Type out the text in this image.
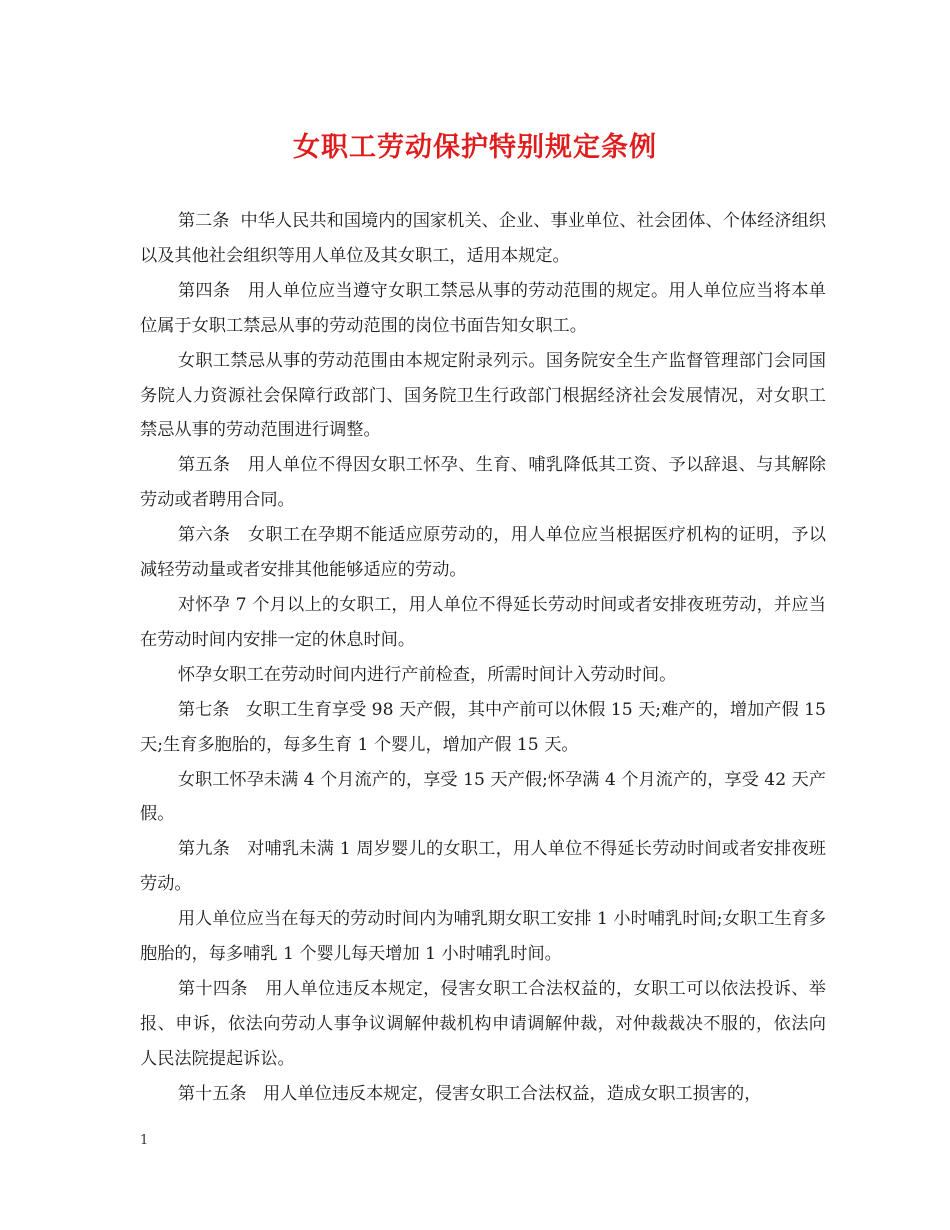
女职工劳动保护特别规定条例

第二条  中华人民共和国境内的国家机关、企业、事业单位、社会团体、个体经济组织以及其他社会组织等用人单位及其女职工，适用本规定。

第四条   用人单位应当遵守女职工禁忌从事的劳动范围的规定。用人单位应当将本单位属于女职工禁忌从事的劳动范围的岗位书面告知女职工。

女职工禁忌从事的劳动范围由本规定附录列示。国务院安全生产监督管理部门会同国务院人力资源社会保障行政部门、国务院卫生行政部门根据经济社会发展情况，对女职工禁忌从事的劳动范围进行调整。

第五条   用人单位不得因女职工怀孕、生育、哺乳降低其工资、予以辞退、与其解除劳动或者聘用合同。

第六条   女职工在孕期不能适应原劳动的，用人单位应当根据医疗机构的证明，予以减轻劳动量或者安排其他能够适应的劳动。

对怀孕 7 个月以上的女职工，用人单位不得延长劳动时间或者安排夜班劳动，并应当在劳动时间内安排一定的休息时间。

怀孕女职工在劳动时间内进行产前检查，所需时间计入劳动时间。

第七条   女职工生育享受 98 天产假，其中产前可以休假 15 天;难产的，增加产假 15 天;生育多胞胎的，每多生育 1 个婴儿，增加产假 15 天。

女职工怀孕未满 4 个月流产的，享受 15 天产假;怀孕满 4 个月流产的，享受 42 天产假。

第九条   对哺乳未满 1 周岁婴儿的女职工，用人单位不得延长劳动时间或者安排夜班劳动。

用人单位应当在每天的劳动时间内为哺乳期女职工安排 1 小时哺乳时间;女职工生育多胞胎的，每多哺乳 1 个婴儿每天增加 1 小时哺乳时间。

第十四条   用人单位违反本规定，侵害女职工合法权益的，女职工可以依法投诉、举报、申诉，依法向劳动人事争议调解仲裁机构申请调解仲裁，对仲裁裁决不服的，依法向人民法院提起诉讼。

第十五条   用人单位违反本规定，侵害女职工合法权益，造成女职工损害的，

1
